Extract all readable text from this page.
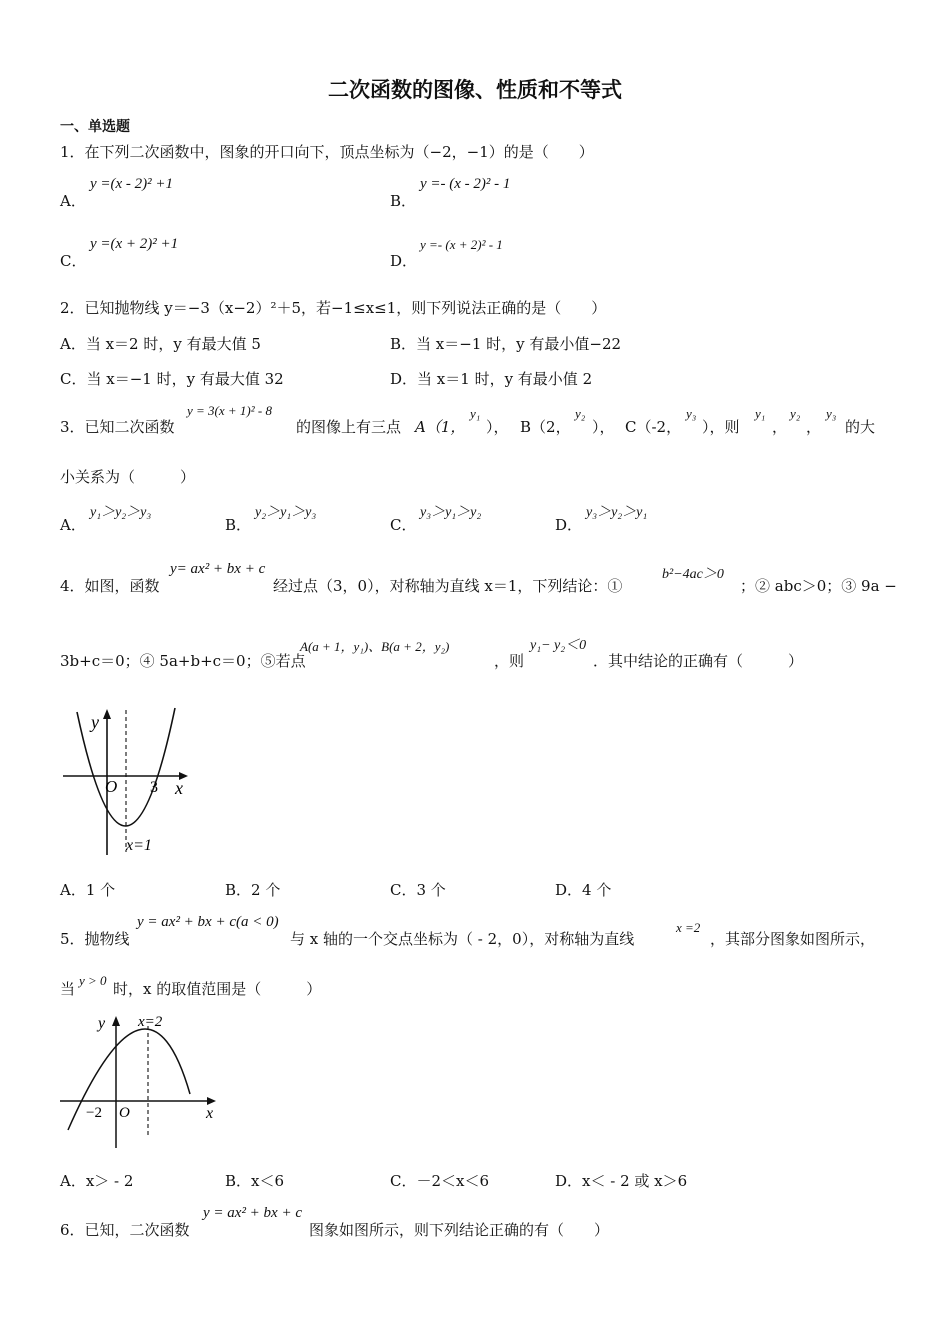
二次函数的图像、性质和不等式
一、单选题
1．在下列二次函数中，图象的开口向下，顶点坐标为（−2，−1）的是（　　）
A．
y =(x - 2)² +1
B．
y =- (x - 2)² - 1
C．
y =(x + 2)² +1
D．
y =- (x + 2)² - 1
2．已知抛物线 y＝−3（x−2）²＋5，若−1≤x≤1，则下列说法正确的是（　　）
A．当 x＝2 时，y 有最大值 5	B．当 x＝−1 时，y 有最小值−22
C．当 x＝−1 时，y 有最大值 32	D．当 x＝1 时，y 有最小值 2
3．已知二次函数
y = 3(x + 1)² - 8
的图像上有三点 A（1，
y₁
）， B（2，
y₂
）， C（-2，
y₃
），则
y₁
，
y₂
，
y₃
的大
小关系为（　　　）
A．
y₁＞y₂＞y₃
B．
y₂＞y₁＞y₃
C．
y₃＞y₁＞y₂
D．
y₃＞y₂＞y₁
4．如图，函数
y= ax² + bx + c
经过点（3，0），对称轴为直线 x＝1，下列结论：①
b²−4ac＞0
；② abc＞0；③ 9a −
3b+c＝0；④ 5a+b+c＝0；⑤若点
A(a + 1，y₁)、B(a + 2，y₂)
，则
y₁− y₂＜0
．其中结论的正确有（　　　）
y
x
O 3
x=1
A．1 个	B．2 个	C．3 个	D．4 个
5．抛物线
y = ax² + bx + c(a < 0)
与 x 轴的一个交点坐标为（ - 2，0），对称轴为直线
x =2
，其部分图象如图所示，
当 y > 0 时，x 的取值范围是（　　　）
y
x
O
−2
x=2
A．x＞ - 2	B．x＜6	C．－2＜x＜6	D．x＜ - 2 或 x＞6
6．已知，二次函数
y = ax² + bx + c
图象如图所示，则下列结论正确的有（　　）
